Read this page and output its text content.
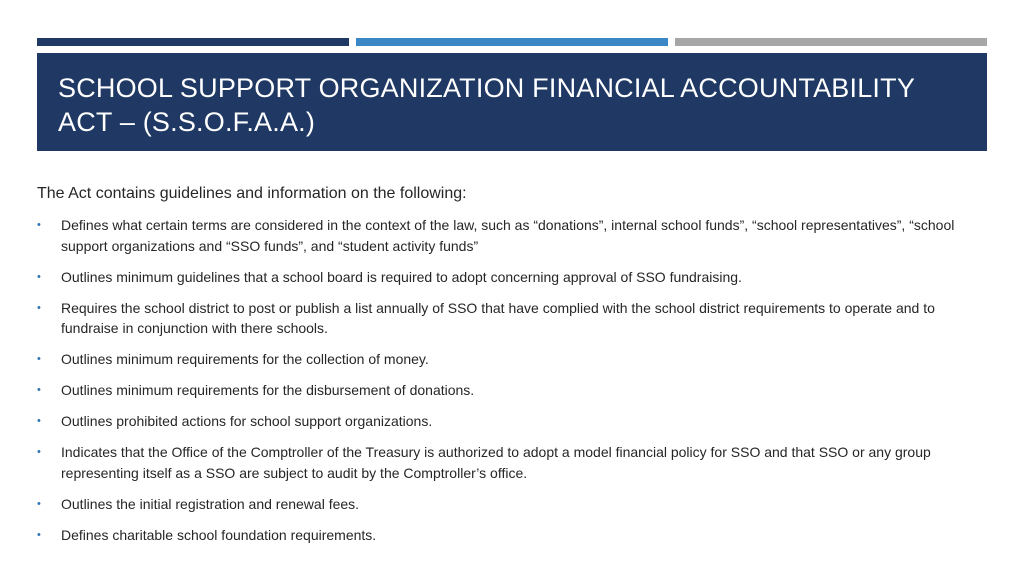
SCHOOL SUPPORT ORGANIZATION FINANCIAL ACCOUNTABILITY ACT – (S.S.O.F.A.A.)

The Act contains guidelines and information on the following:

• Defines what certain terms are considered in the context of the law, such as “donations”, internal school funds”, “school representatives”, “school support organizations and “SSO funds”, and “student activity funds”
• Outlines minimum guidelines that a school board is required to adopt concerning approval of SSO fundraising.
• Requires the school district to post or publish a list annually of SSO that have complied with the school district requirements to operate and to fundraise in conjunction with there schools.
• Outlines minimum requirements for the collection of money.
• Outlines minimum requirements for the disbursement of donations.
• Outlines prohibited actions for school support organizations.
• Indicates that the Office of the Comptroller of the Treasury is authorized to adopt a model financial policy for SSO and that SSO or any group representing itself as a SSO are subject to audit by the Comptroller’s office.
• Outlines the initial registration and renewal fees.
• Defines charitable school foundation requirements.
